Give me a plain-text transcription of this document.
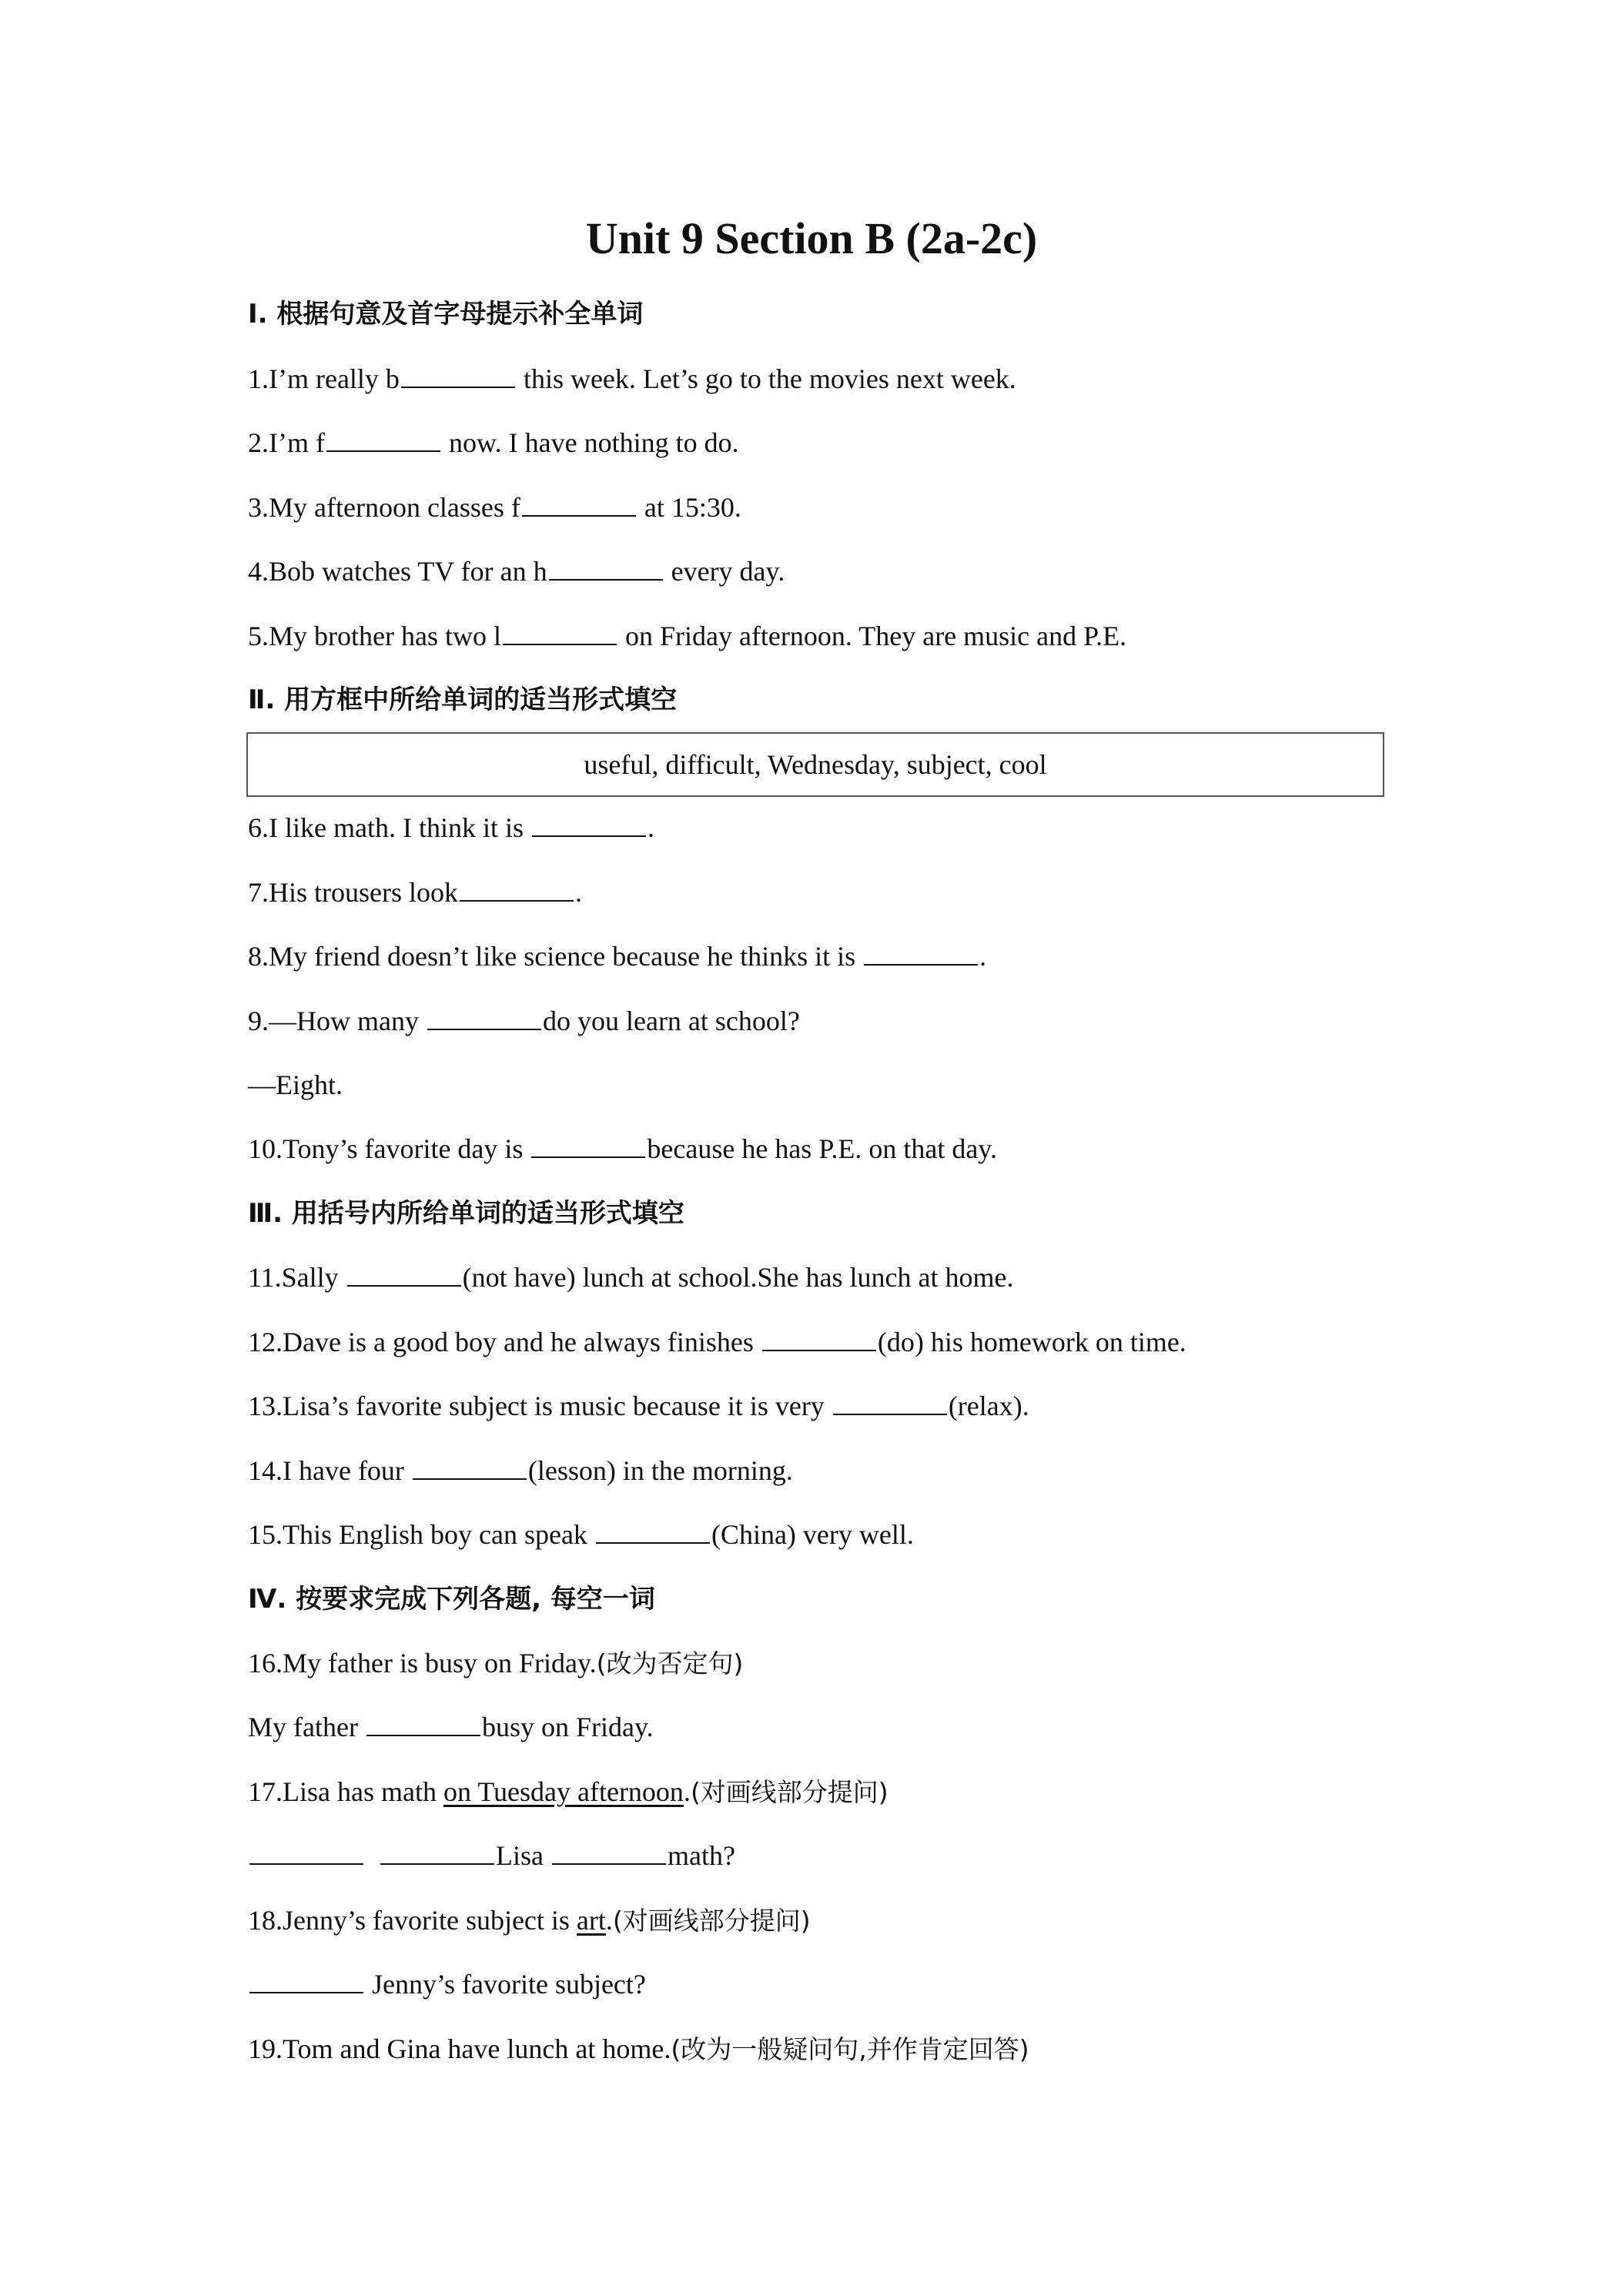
Unit 9 Section B (2a-2c)
Ⅰ. 根据句意及首字母提示补全单词
1.I’m really b	this week. Let’s go to the movies next week.
2.I’m f	now. I have nothing to do.
3.My afternoon classes f	at 15:30.
4.Bob watches TV for an h	every day.
5.My brother has two l	on Friday afternoon. They are music and P.E.
Ⅱ. 用方框中所给单词的适当形式填空
useful, difficult, Wednesday, subject, cool
6.I like math. I think it is	.
7.His trousers look	.
8.My friend doesn’t like science because he thinks it is	.
9.—How many	do you learn at school?
—Eight.
10.Tony’s favorite day is	because he has P.E. on that day.
Ⅲ. 用括号内所给单词的适当形式填空
11.Sally	(not have) lunch at school.She has lunch at home.
12.Dave is a good boy and he always finishes	(do) his homework on time.
13.Lisa’s favorite subject is music because it is very	(relax).
14.I have four	(lesson) in the morning.
15.This English boy can speak	(China) very well.
Ⅳ. 按要求完成下列各题, 每空一词
16.My father is busy on Friday.(改为否定句)
My father	busy on Friday.
17.Lisa has math on Tuesday afternoon.(对画线部分提问)
Lisa	math?
18.Jenny’s favorite subject is art.(对画线部分提问)
Jenny’s favorite subject?
19.Tom and Gina have lunch at home.(改为一般疑问句,并作肯定回答)
